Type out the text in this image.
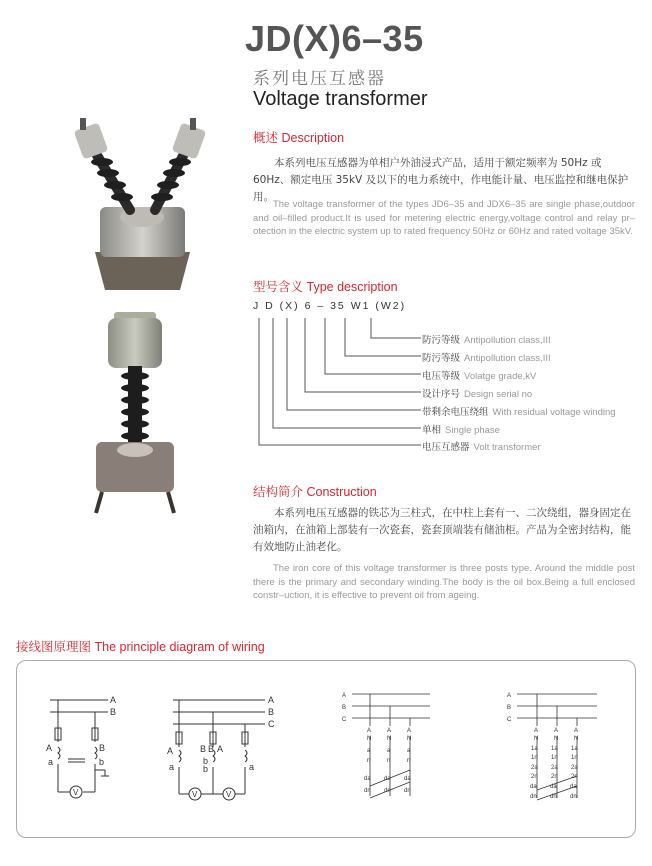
JD(X)6–35
系列电压互感器
Voltage transformer
概述 Description
本系列电压互感器为单相户外油浸式产品，适用于额定频率为 50Hz 或 60Hz、额定电压 35kV 及以下的电力系统中，作电能计量、电压监控和继电保护用。
The voltage transformer of the types JD6–35 and JDX6–35 are single phase,outdoor and oil–filled product.It is used for metering electric energy,voltage control and relay pr–otection in the electric system up to rated frequency 50Hz or 60Hz and rated voltage 35kV.
型号含义 Type description
J D (X) 6 – 35 W1 (W2)
防污等级 Antipollution class,III
防污等级 Antipollution class,III
电压等级 Volatge grade,kV
设计序号 Design serial no
带剩余电压绕组 With residual voltage winding
单相 Single phase
电压互感器 Volt transformer
结构简介 Construction
本系列电压互感器的铁芯为三柱式，在中柱上套有一、二次绕组，器身固定在油箱内，在油箱上部装有一次瓷套，瓷套顶端装有储油柜。产品为全密封结构，能有效地防止油老化。
The iron core of this voltage transformer is three posts type. Around the middle post there is the primary and secondary winding.The body is the oil box.Being a full enclosed constr–uction, it is effective to prevent oil from ageing.
接线图原理图 The principle diagram of wiring
A
B
A	B
a	b
V
A
B
C
A	B B A
a
b
b	a
V	V
A
B
C
A	A	A
N	N	N
a	a	a
n	n	n
da da da
dn dn dn
A
B
C
A	A	A
N	N	N
1a 1a 1a
1n 1n 1n
2a 2a 2a
2n 2n 2n
da da da
dn dn dn
